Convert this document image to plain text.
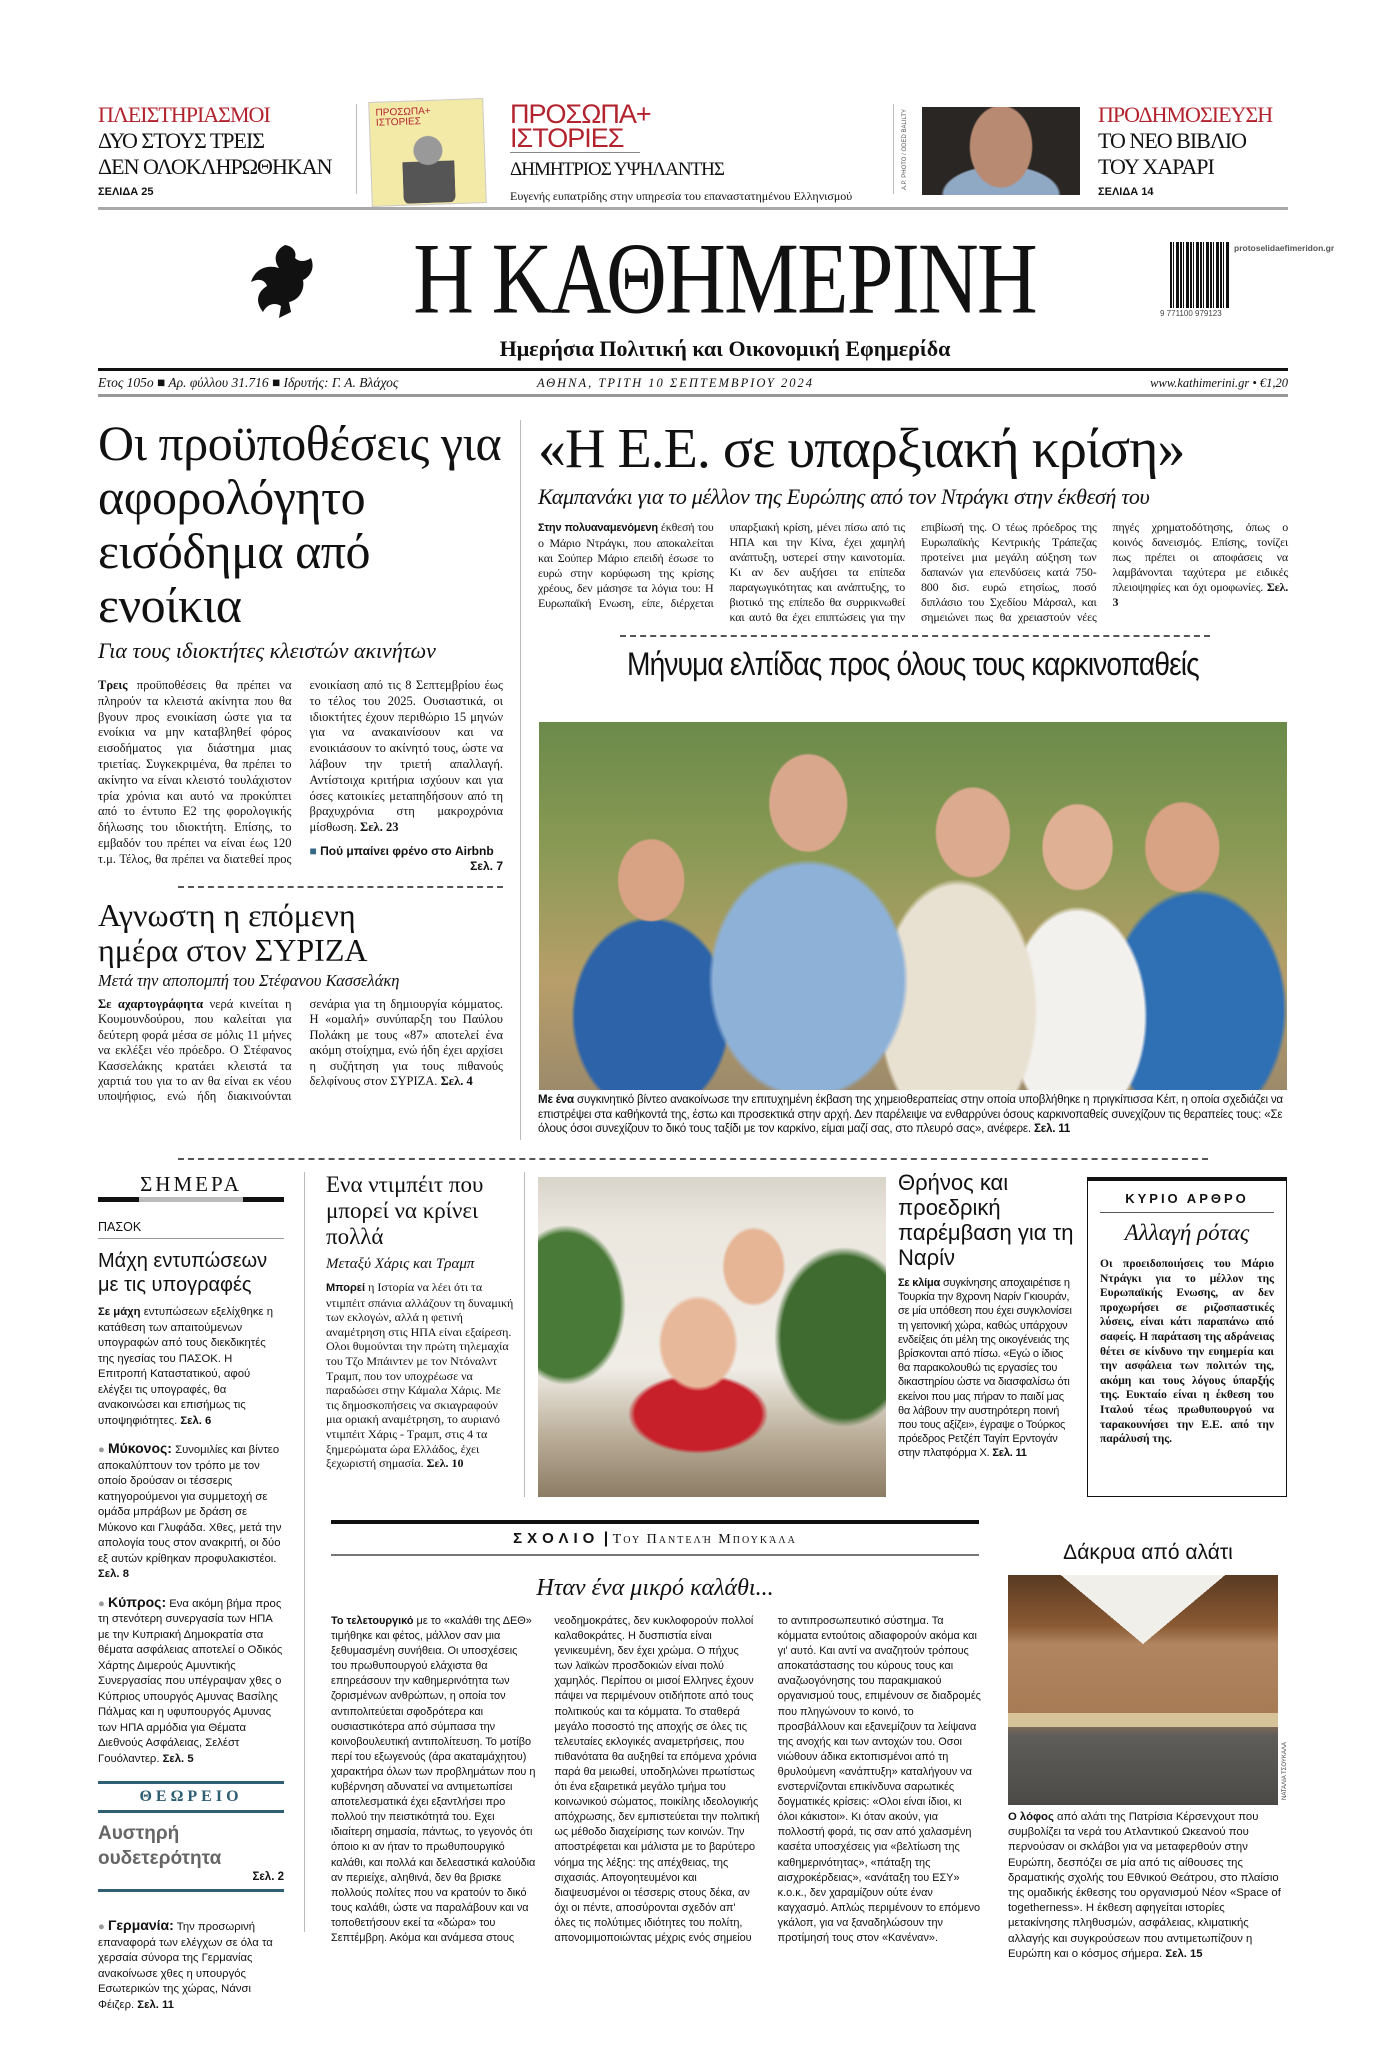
ΠΛΕΙΣΤΗΡΙΑΣΜΟΙ
ΔΥΟ ΣΤΟΥΣ ΤΡΕΙΣ
ΔΕΝ ΟΛΟΚΛΗΡΩΘΗΚΑΝ
ΣΕΛΙΔΑ 25
ΠΡΟΣΩΠΑ+ ΙΣΤΟΡΙΕΣ	ΠΡΟΣΩΠΑ+
ΙΣΤΟΡΙΕΣ
ΔΗΜΗΤΡΙΟΣ ΥΨΗΛΑΝΤΗΣ
Ευγενής ευπατρίδης στην υπηρεσία του επαναστατημένου Ελληνισμού
A.P. PHOTO / ODED BALILTY	ΠΡΟΔΗΜΟΣΙΕΥΣΗ
ΤΟ ΝΕΟ ΒΙΒΛΙΟ
ΤΟΥ ΧΑΡΑΡΙ
ΣΕΛΙΔΑ 14
Η ΚΑΘΗΜΕΡΙΝΗ	9 771100 979123
protoselidaefimeridon.gr
Ημερήσια Πολιτική και Οικονομική Εφημερίδα
Ετος 105ο ■ Αρ. φύλλου 31.716 ■ Ιδρυτής: Γ. Α. Βλάχος	ΑΘΗΝΑ, ΤΡΙΤΗ 10 ΣΕΠΤΕΜΒΡΙΟΥ 2024	www.kathimerini.gr • €1,20
Οι προϋποθέσεις για αφορολόγητο εισόδημα από ενοίκια
Για τους ιδιοκτήτες κλειστών ακινήτων
Τρεις προϋποθέσεις θα πρέπει να πληρούν τα κλειστά ακίνητα που θα βγουν προς ενοικίαση ώστε για τα ενοίκια να μην καταβληθεί φόρος εισοδήματος για διάστημα μιας τριετίας. Συγκεκριμένα, θα πρέπει το ακίνητο να είναι κλειστό τουλάχιστον τρία χρόνια και αυτό να προκύπτει από το έντυπο Ε2 της φορολογικής δήλωσης του ιδιοκτήτη. Επίσης, το εμβαδόν του πρέπει να είναι έως 120 τ.μ. Τέλος, θα πρέπει να διατεθεί προς ενοικίαση από τις 8 Σεπτεμβρίου έως το τέλος του 2025. Ουσιαστικά, οι ιδιοκτήτες έχουν περιθώριο 15 μηνών για να ανακαινίσουν και να ενοικιάσουν το ακίνητό τους, ώστε να λάβουν την τριετή απαλλαγή. Αντίστοιχα κριτήρια ισχύουν και για όσες κατοικίες μεταπηδήσουν από τη βραχυχρόνια στη μακροχρόνια μίσθωση. Σελ. 23
■ Πού μπαίνει φρένο στο Airbnb
Σελ. 7
Αγνωστη η επόμενη ημέρα στον ΣΥΡΙΖΑ
Μετά την αποπομπή του Στέφανου Κασσελάκη
Σε αχαρτογράφητα νερά κινείται η Κουμουνδούρου, που καλείται για δεύτερη φορά μέσα σε μόλις 11 μήνες να εκλέξει νέο πρόεδρο. Ο Στέφανος Κασσελάκης κρατάει κλειστά τα χαρτιά του για το αν θα είναι εκ νέου υποψήφιος, ενώ ήδη διακινούνται σενάρια για τη δημιουργία κόμματος. Η «ομαλή» συνύπαρξη του Παύλου Πολάκη με τους «87» αποτελεί ένα ακόμη στοίχημα, ενώ ήδη έχει αρχίσει η συζήτηση για τους πιθανούς δελφίνους στον ΣΥΡΙΖΑ. Σελ. 4
«Η Ε.Ε. σε υπαρξιακή κρίση»
Καμπανάκι για το μέλλον της Ευρώπης από τον Ντράγκι στην έκθεσή του
Στην πολυαναμενόμενη έκθεσή του ο Μάριο Ντράγκι, που αποκαλείται και Σούπερ Μάριο επειδή έσωσε το ευρώ στην κορύφωση της κρίσης χρέους, δεν μάσησε τα λόγια του: Η Ευρωπαϊκή Ενωση, είπε, διέρχεται υπαρξιακή κρίση, μένει πίσω από τις ΗΠΑ και την Κίνα, έχει χαμηλή ανάπτυξη, υστερεί στην καινοτομία. Κι αν δεν αυξήσει τα επίπεδα παραγωγικότητας και ανάπτυξης, το βιοτικό της επίπεδο θα συρρικνωθεί και αυτό θα έχει επιπτώσεις για την επιβίωσή της. Ο τέως πρόεδρος της Ευρωπαϊκής Κεντρικής Τράπεζας προτείνει μια μεγάλη αύξηση των δαπανών για επενδύσεις κατά 750-800 δισ. ευρώ ετησίως, ποσό διπλάσιο του Σχεδίου Μάρσαλ, και σημειώνει πως θα χρειαστούν νέες πηγές χρηματοδότησης, όπως ο κοινός δανεισμός. Επίσης, τονίζει πως πρέπει οι αποφάσεις να λαμβάνονται ταχύτερα με ειδικές πλειοψηφίες και όχι ομοφωνίες. Σελ. 3
Μήνυμα ελπίδας προς όλους τους καρκινοπαθείς
Με ένα συγκινητικό βίντεο ανακοίνωσε την επιτυχημένη έκβαση της χημειοθεραπείας στην οποία υποβλήθηκε η πριγκίπισσα Κέιτ, η οποία σχεδιάζει να επιστρέψει στα καθήκοντά της, έστω και προσεκτικά στην αρχή. Δεν παρέλειψε να ενθαρρύνει όσους καρκινοπαθείς συνεχίζουν τις θεραπείες τους: «Σε όλους όσοι συνεχίζουν το δικό τους ταξίδι με τον καρκίνο, είμαι μαζί σας, στο πλευρό σας», ανέφερε. Σελ. 11
ΣΗΜΕΡΑ
ΠΑΣΟΚ
Μάχη εντυπώσεων με τις υπογραφές
Σε μάχη εντυπώσεων εξελίχθηκε η κατάθεση των απαιτούμενων υπογραφών από τους διεκδικητές της ηγεσίας του ΠΑΣΟΚ. Η Επιτροπή Καταστατικού, αφού ελέγξει τις υπογραφές, θα ανακοινώσει και επισήμως τις υποψηφιότητες. Σελ. 6
● Μύκονος: Συνομιλίες και βίντεο αποκαλύπτουν τον τρόπο με τον οποίο δρούσαν οι τέσσερις κατηγορούμενοι για συμμετοχή σε ομάδα μπράβων με δράση σε Μύκονο και Γλυφάδα. Χθες, μετά την απολογία τους στον ανακριτή, οι δύο εξ αυτών κρίθηκαν προφυλακιστέοι. Σελ. 8
● Κύπρος: Ενα ακόμη βήμα προς τη στενότερη συνεργασία των ΗΠΑ με την Κυπριακή Δημοκρατία στα θέματα ασφάλειας αποτελεί ο Οδικός Χάρτης Διμερούς Αμυντικής Συνεργασίας που υπέγραψαν χθες ο Κύπριος υπουργός Αμυνας Βασίλης Πάλμας και η υφυπουργός Αμυνας των ΗΠΑ αρμόδια για Θέματα Διεθνούς Ασφάλειας, Σελέστ Γουόλαντερ. Σελ. 5
ΘΕΩΡΕΙΟ
Αυστηρή ουδετερότητα
Σελ. 2
● Γερμανία: Την προσωρινή επαναφορά των ελέγχων σε όλα τα χερσαία σύνορα της Γερμανίας ανακοίνωσε χθες η υπουργός Εσωτερικών της χώρας, Νάνσι Φέιζερ. Σελ. 11
Ενα ντιμπέιτ που μπορεί να κρίνει πολλά
Μεταξύ Χάρις και Τραμπ
Μπορεί η Ιστορία να λέει ότι τα ντιμπέιτ σπάνια αλλάζουν τη δυναμική των εκλογών, αλλά η φετινή αναμέτρηση στις ΗΠΑ είναι εξαίρεση. Ολοι θυμούνται την πρώτη τηλεμαχία του Τζο Μπάιντεν με τον Ντόναλντ Τραμπ, που τον υποχρέωσε να παραδώσει στην Κάμαλα Χάρις. Με τις δημοσκοπήσεις να σκιαγραφούν μια οριακή αναμέτρηση, το αυριανό ντιμπέιτ Χάρις - Τραμπ, στις 4 τα ξημερώματα ώρα Ελλάδος, έχει ξεχωριστή σημασία. Σελ. 10
Θρήνος και προεδρική παρέμβαση για τη Ναρίν
Σε κλίμα συγκίνησης αποχαιρέτισε η Τουρκία την 8χρονη Ναρίν Γκιουράν, σε μία υπόθεση που έχει συγκλονίσει τη γειτονική χώρα, καθώς υπάρχουν ενδείξεις ότι μέλη της οικογένειάς της βρίσκονται από πίσω. «Εγώ ο ίδιος θα παρακολουθώ τις εργασίες του δικαστηρίου ώστε να διασφαλίσω ότι εκείνοι που μας πήραν το παιδί μας θα λάβουν την αυστηρότερη ποινή που τους αξίζει», έγραψε ο Τούρκος πρόεδρος Ρετζέπ Ταγίπ Ερντογάν στην πλατφόρμα Χ. Σελ. 11
ΚΥΡΙΟ ΑΡΘΡΟ
Αλλαγή ρότας
Οι προειδοποιήσεις του Μάριο Ντράγκι για το μέλλον της Ευρωπαϊκής Ενωσης, αν δεν προχωρήσει σε ριζοσπαστικές λύσεις, είναι κάτι παραπάνω από σαφείς. Η παράταση της αδράνειας θέτει σε κίνδυνο την ευημερία και την ασφάλεια των πολιτών της, ακόμη και τους λόγους ύπαρξής της. Ευκταίο είναι η έκθεση του Ιταλού τέως πρωθυπουργού να ταρακουνήσει την Ε.Ε. από την παράλυσή της.
ΣΧΟΛΙΟ | Του Παντελή Μπουκάλα
Ηταν ένα μικρό καλάθι...
Το τελετουργικό με το «καλάθι της ΔΕΘ» τιμήθηκε και φέτος, μάλλον σαν μια ξεθυμασμένη συνήθεια. Οι υποσχέσεις του πρωθυπουργού ελάχιστα θα επηρεάσουν την καθημερινότητα των ζορισμένων ανθρώπων, η οποία τον αντιπολιτεύεται σφοδρότερα και ουσιαστικότερα από σύμπασα την κοινοβουλευτική αντιπολίτευση. Το μοτίβο περί του εξωγενούς (άρα ακαταμάχητου) χαρακτήρα όλων των προβλημάτων που η κυβέρνηση αδυνατεί να αντιμετωπίσει αποτελεσματικά έχει εξαντλήσει προ πολλού την πειστικότητά του. Εχει ιδιαίτερη σημασία, πάντως, το γεγονός ότι όποιο κι αν ήταν το πρωθυπουργικό καλάθι, και πολλά και δελεαστικά καλούδια αν περιείχε, αληθινά, δεν θα βρισκε πολλούς πολίτες που να κρατούν το δικό τους καλάθι, ώστε να παραλάβουν και να τοποθετήσουν εκεί τα «δώρα» του Σεπτέμβρη. Ακόμα και ανάμεσα στους νεοδημοκράτες, δεν κυκλοφορούν πολλοί καλαθοκράτες. Η δυσπιστία είναι γενικευμένη, δεν έχει χρώμα. Ο πήχυς των λαϊκών προσδοκιών είναι πολύ χαμηλός. Περίπου οι μισοί Ελληνες έχουν πάψει να περιμένουν οτιδήποτε από τους πολιτικούς και τα κόμματα. Το σταθερά μεγάλο ποσοστό της αποχής σε όλες τις τελευταίες εκλογικές αναμετρήσεις, που πιθανότατα θα αυξηθεί τα επόμενα χρόνια παρά θα μειωθεί, υποδηλώνει πρωτίστως ότι ένα εξαιρετικά μεγάλο τμήμα του κοινωνικού σώματος, ποικίλης ιδεολογικής απόχρωσης, δεν εμπιστεύεται την πολιτική ως μέθοδο διαχείρισης των κοινών. Την αποστρέφεται και μάλιστα με το βαρύτερο νόημα της λέξης: της απέχθειας, της σιχασιάς. Απογοητευμένοι και διαψευσμένοι οι τέσσερις στους δέκα, αν όχι οι πέντε, αποσύρονται σχεδόν απ' όλες τις πολύτιμες ιδιότητες του πολίτη, απονομιμοποιώντας μέχρις ενός σημείου το αντιπροσωπευτικό σύστημα. Τα κόμματα εντούτοις αδιαφορούν ακόμα και γι' αυτό. Και αντί να αναζητούν τρόπους αποκατάστασης του κύρους τους και αναζωογόνησης του παρακμιακού οργανισμού τους, επιμένουν σε διαδρομές που πληγώνουν το κοινό, το προσβάλλουν και εξανεμίζουν τα λείψανα της ανοχής και των αντοχών του. Οσοι νιώθουν άδικα εκτοπισμένοι από τη θρυλούμενη «ανάπτυξη» καταλήγουν να ενστερνίζονται επικίνδυνα σαρωτικές δογματικές κρίσεις: «Ολοι είναι ίδιοι, κι όλοι κάκιστοι». Κι όταν ακούν, για πολλοστή φορά, τις σαν από χαλασμένη κασέτα υποσχέσεις για «βελτίωση της καθημερινότητας», «πάταξη της αισχροκέρδειας», «ανάταξη του ΕΣΥ» κ.ο.κ., δεν χαραμίζουν ούτε έναν καγχασμό. Απλώς περιμένουν το επόμενο γκάλοπ, για να ξαναδηλώσουν την προτίμησή τους στον «Κανέναν».
Δάκρυα από αλάτι
ΝΑΤΑΛΙΑ ΤΣΟΥΚΑΛΑ
Ο λόφος από αλάτι της Πατρίσια Κέρσενχουτ που συμβολίζει τα νερά του Ατλαντικού Ωκεανού που περνούσαν οι σκλάβοι για να μεταφερθούν στην Ευρώπη, δεσπόζει σε μία από τις αίθουσες της δραματικής σχολής του Εθνικού Θεάτρου, στο πλαίσιο της ομαδικής έκθεσης του οργανισμού Νέον «Space of togetherness». Η έκθεση αφηγείται ιστορίες μετακίνησης πληθυσμών, ασφάλειας, κλιματικής αλλαγής και συγκρούσεων που αντιμετωπίζουν η Ευρώπη και ο κόσμος σήμερα. Σελ. 15
